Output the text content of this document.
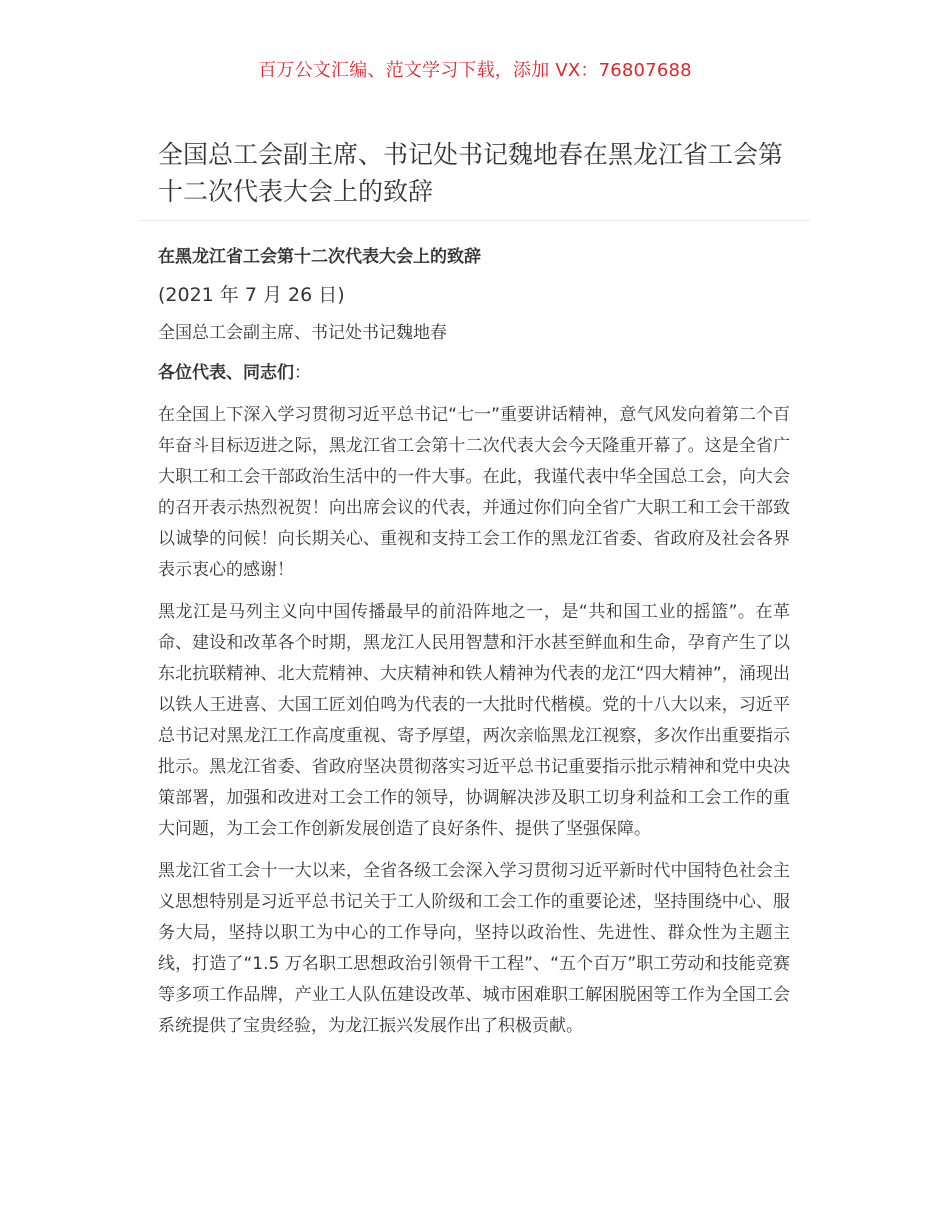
百万公文汇编、范文学习下载，添加 VX：76807688
全国总工会副主席、书记处书记魏地春在黑龙江省工会第十二次代表大会上的致辞
在黑龙江省工会第十二次代表大会上的致辞
(2021 年 7 月 26 日)
全国总工会副主席、书记处书记魏地春
各位代表、同志们：

在全国上下深入学习贯彻习近平总书记“七一”重要讲话精神，意气风发向着第二个百年奋斗目标迈进之际，黑龙江省工会第十二次代表大会今天隆重开幕了。这是全省广大职工和工会干部政治生活中的一件大事。在此，我谨代表中华全国总工会，向大会的召开表示热烈祝贺！向出席会议的代表，并通过你们向全省广大职工和工会干部致以诚挚的问候！向长期关心、重视和支持工会工作的黑龙江省委、省政府及社会各界表示衷心的感谢！

黑龙江是马列主义向中国传播最早的前沿阵地之一，是“共和国工业的摇篮”。在革命、建设和改革各个时期，黑龙江人民用智慧和汗水甚至鲜血和生命，孕育产生了以东北抗联精神、北大荒精神、大庆精神和铁人精神为代表的龙江“四大精神”，涌现出以铁人王进喜、大国工匠刘伯鸣为代表的一大批时代楷模。党的十八大以来，习近平总书记对黑龙江工作高度重视、寄予厚望，两次亲临黑龙江视察，多次作出重要指示批示。黑龙江省委、省政府坚决贯彻落实习近平总书记重要指示批示精神和党中央决策部署，加强和改进对工会工作的领导，协调解决涉及职工切身利益和工会工作的重大问题，为工会工作创新发展创造了良好条件、提供了坚强保障。

黑龙江省工会十一大以来，全省各级工会深入学习贯彻习近平新时代中国特色社会主义思想特别是习近平总书记关于工人阶级和工会工作的重要论述，坚持围绕中心、服务大局，坚持以职工为中心的工作导向，坚持以政治性、先进性、群众性为主题主线，打造了“1.5 万名职工思想政治引领骨干工程”、“五个百万”职工劳动和技能竞赛等多项工作品牌，产业工人队伍建设改革、城市困难职工解困脱困等工作为全国工会系统提供了宝贵经验，为龙江振兴发展作出了积极贡献。
